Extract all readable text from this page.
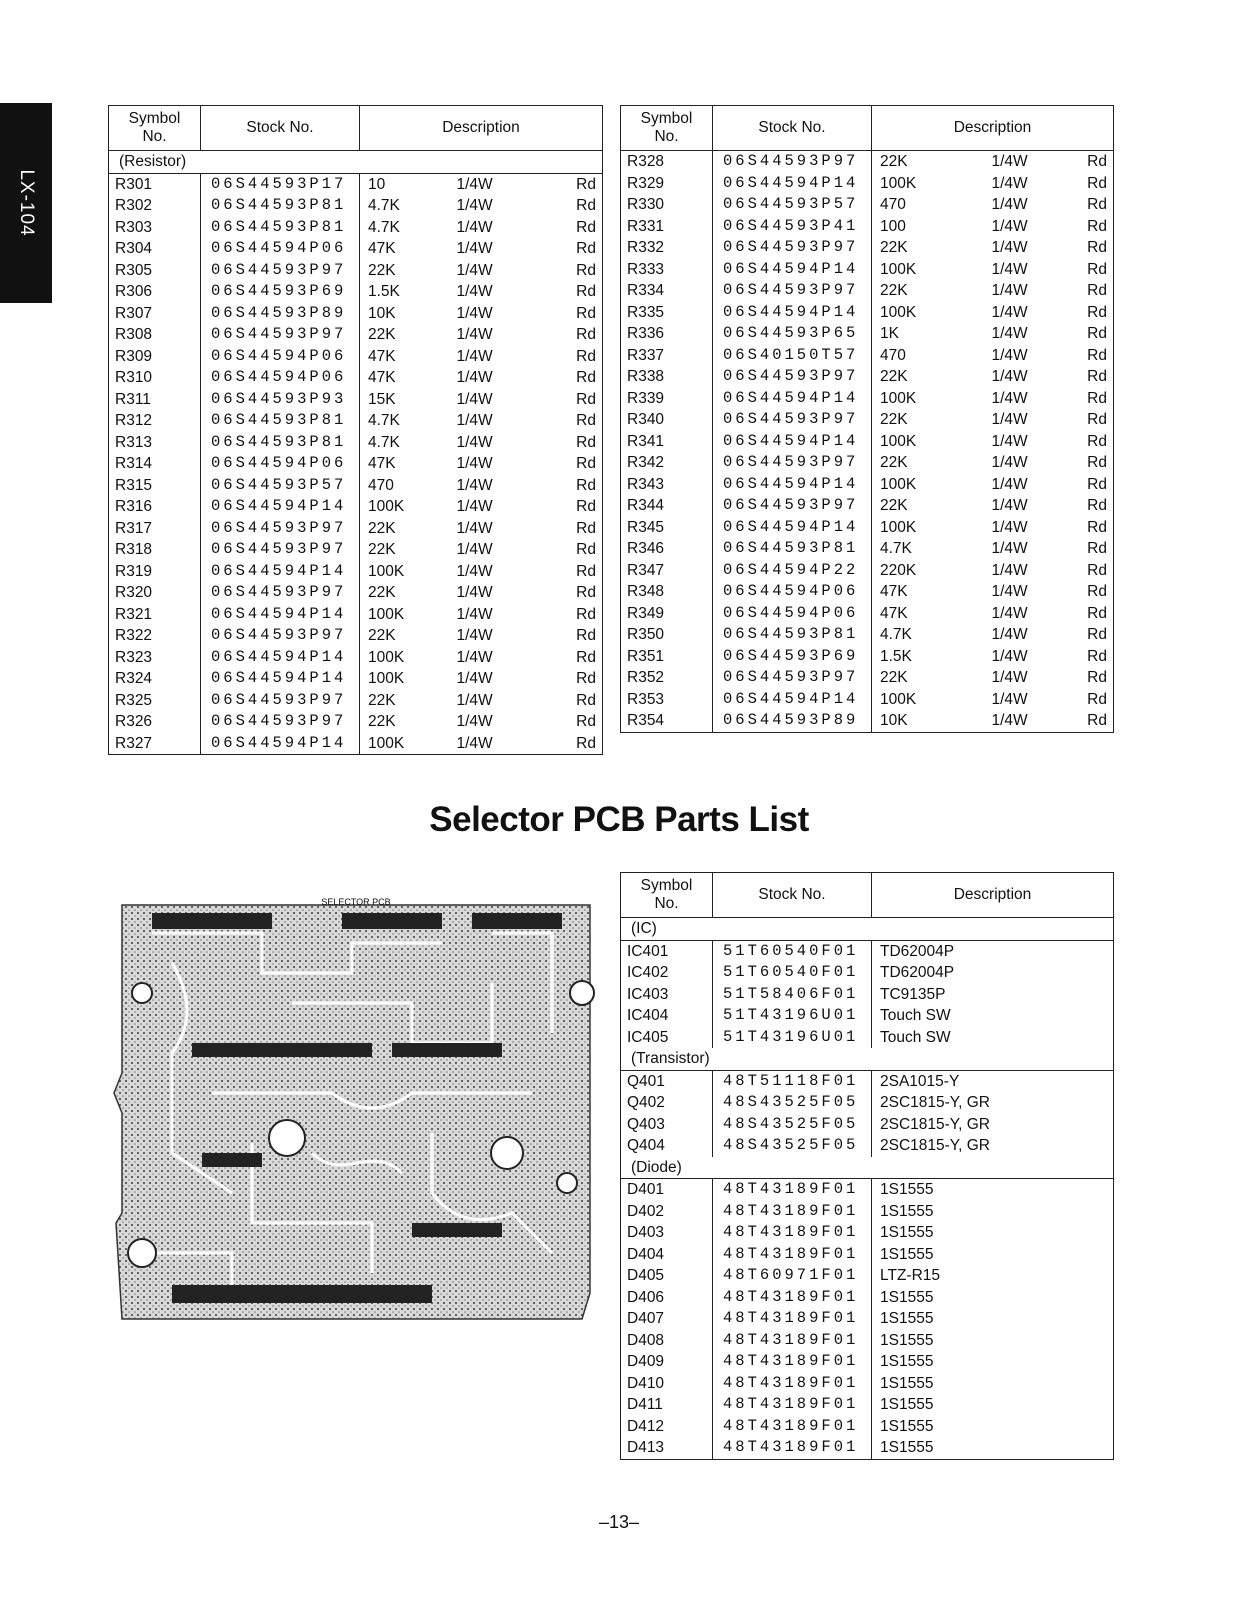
LX-104
Symbol
No.	Stock No.	Description		
(Resistor)				
R301	06S44593P17	10	1/4W	Rd
R302	06S44593P81	4.7K	1/4W	Rd
R303	06S44593P81	4.7K	1/4W	Rd
R304	06S44594P06	47K	1/4W	Rd
R305	06S44593P97	22K	1/4W	Rd
R306	06S44593P69	1.5K	1/4W	Rd
R307	06S44593P89	10K	1/4W	Rd
R308	06S44593P97	22K	1/4W	Rd
R309	06S44594P06	47K	1/4W	Rd
R310	06S44594P06	47K	1/4W	Rd
R311	06S44593P93	15K	1/4W	Rd
R312	06S44593P81	4.7K	1/4W	Rd
R313	06S44593P81	4.7K	1/4W	Rd
R314	06S44594P06	47K	1/4W	Rd
R315	06S44593P57	470	1/4W	Rd
R316	06S44594P14	100K	1/4W	Rd
R317	06S44593P97	22K	1/4W	Rd
R318	06S44593P97	22K	1/4W	Rd
R319	06S44594P14	100K	1/4W	Rd
R320	06S44593P97	22K	1/4W	Rd
R321	06S44594P14	100K	1/4W	Rd
R322	06S44593P97	22K	1/4W	Rd
R323	06S44594P14	100K	1/4W	Rd
R324	06S44594P14	100K	1/4W	Rd
R325	06S44593P97	22K	1/4W	Rd
R326	06S44593P97	22K	1/4W	Rd
R327	06S44594P14	100K	1/4W	Rd
Symbol
No.	Stock No.	Description		
R328	06S44593P97	22K	1/4W	Rd
R329	06S44594P14	100K	1/4W	Rd
R330	06S44593P57	470	1/4W	Rd
R331	06S44593P41	100	1/4W	Rd
R332	06S44593P97	22K	1/4W	Rd
R333	06S44594P14	100K	1/4W	Rd
R334	06S44593P97	22K	1/4W	Rd
R335	06S44594P14	100K	1/4W	Rd
R336	06S44593P65	1K	1/4W	Rd
R337	06S40150T57	470	1/4W	Rd
R338	06S44593P97	22K	1/4W	Rd
R339	06S44594P14	100K	1/4W	Rd
R340	06S44593P97	22K	1/4W	Rd
R341	06S44594P14	100K	1/4W	Rd
R342	06S44593P97	22K	1/4W	Rd
R343	06S44594P14	100K	1/4W	Rd
R344	06S44593P97	22K	1/4W	Rd
R345	06S44594P14	100K	1/4W	Rd
R346	06S44593P81	4.7K	1/4W	Rd
R347	06S44594P22	220K	1/4W	Rd
R348	06S44594P06	47K	1/4W	Rd
R349	06S44594P06	47K	1/4W	Rd
R350	06S44593P81	4.7K	1/4W	Rd
R351	06S44593P69	1.5K	1/4W	Rd
R352	06S44593P97	22K	1/4W	Rd
R353	06S44594P14	100K	1/4W	Rd
R354	06S44593P89	10K	1/4W	Rd
Selector PCB Parts List
SELECTOR PCB
Symbol
No.	Stock No.	Description
(IC)		
IC401	51T60540F01	TD62004P
IC402	51T60540F01	TD62004P
IC403	51T58406F01	TC9135P
IC404	51T43196U01	Touch SW
IC405	51T43196U01	Touch SW
(Transistor)		
Q401	48T51118F01	2SA1015-Y
Q402	48S43525F05	2SC1815-Y, GR
Q403	48S43525F05	2SC1815-Y, GR
Q404	48S43525F05	2SC1815-Y, GR
(Diode)		
D401	48T43189F01	1S1555
D402	48T43189F01	1S1555
D403	48T43189F01	1S1555
D404	48T43189F01	1S1555
D405	48T60971F01	LTZ-R15
D406	48T43189F01	1S1555
D407	48T43189F01	1S1555
D408	48T43189F01	1S1555
D409	48T43189F01	1S1555
D410	48T43189F01	1S1555
D411	48T43189F01	1S1555
D412	48T43189F01	1S1555
D413	48T43189F01	1S1555
–13–
